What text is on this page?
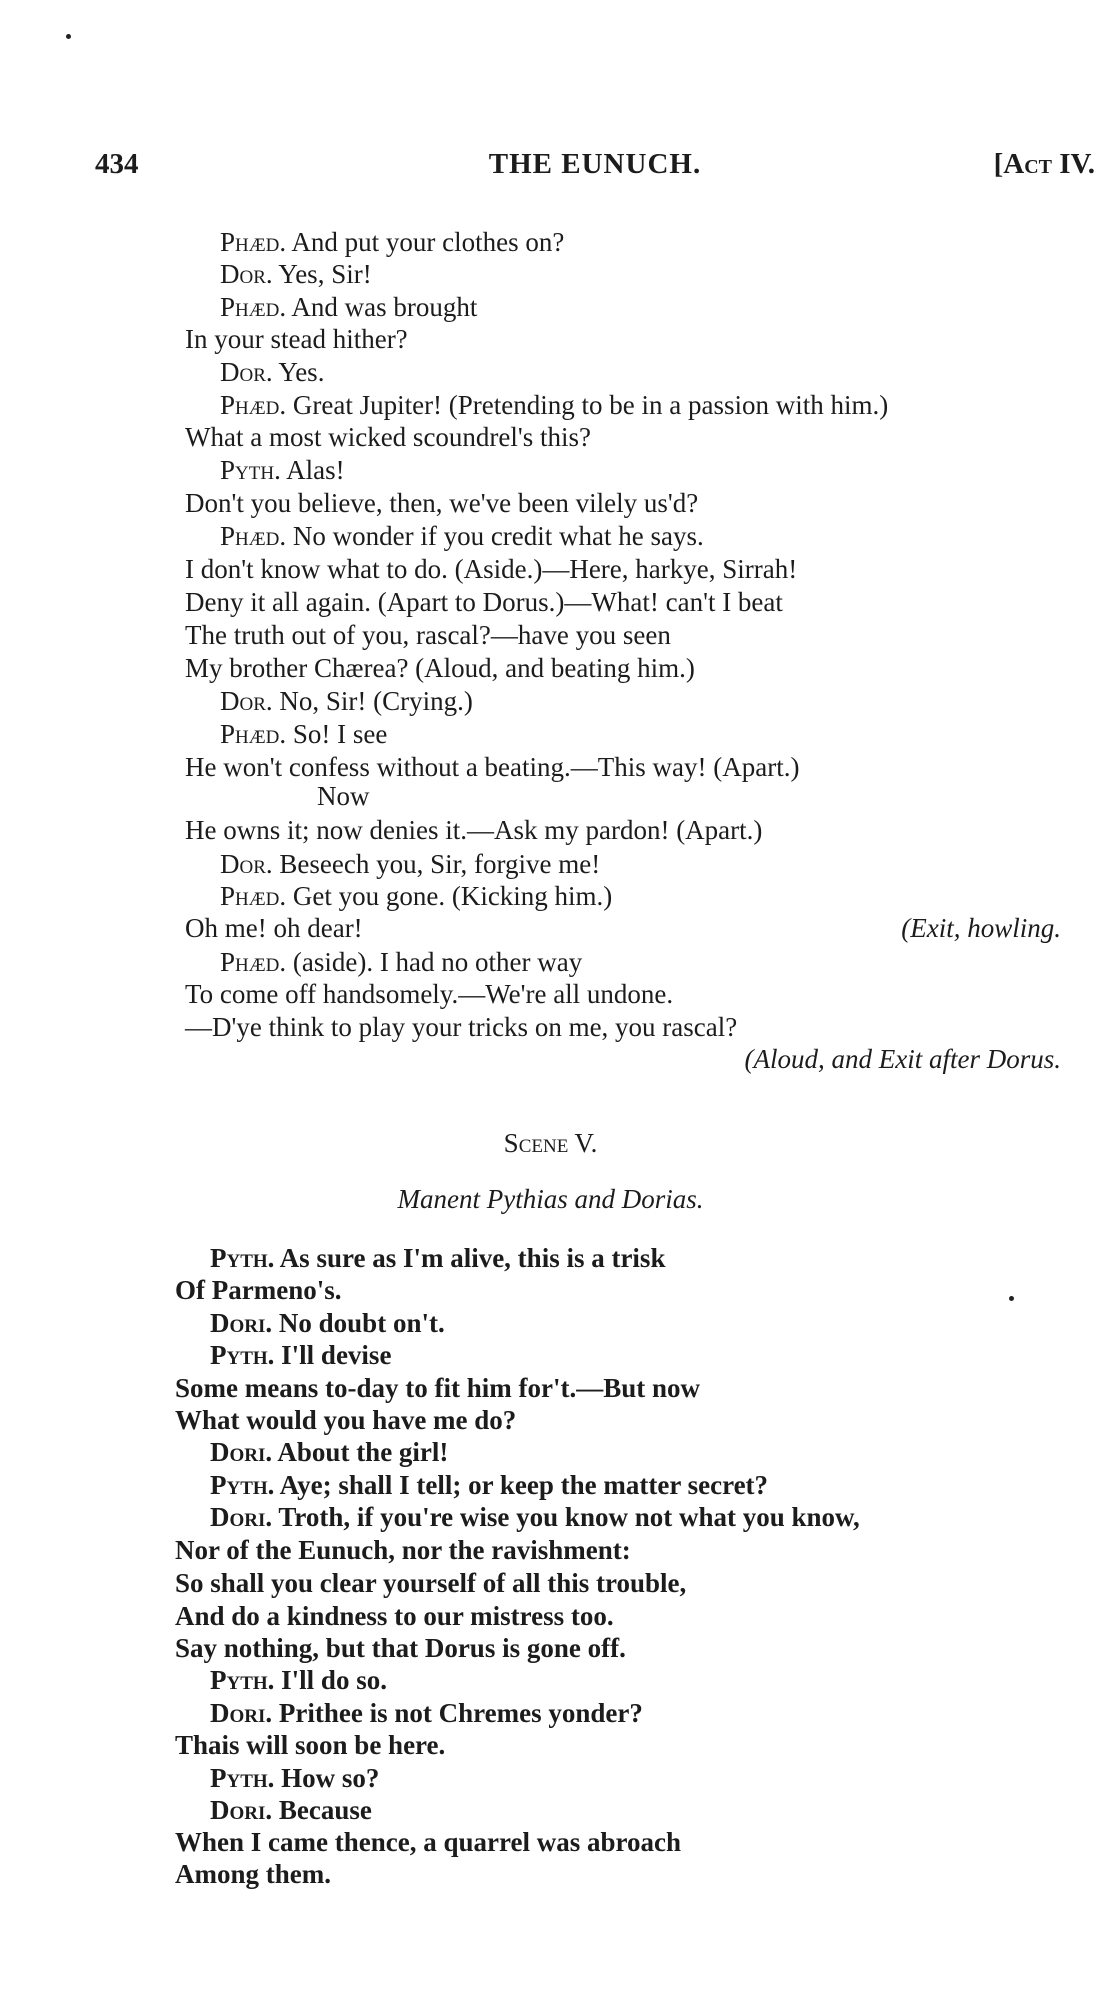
434	THE EUNUCH.	[Act IV.
Phæd. And put your clothes on?
Dor. Yes, Sir!
Phæd. And was brought
In your stead hither?
Dor. Yes.
Phæd. Great Jupiter! (Pretending to be in a passion with him.)
What a most wicked scoundrel's this?
Pyth. Alas!
Don't you believe, then, we've been vilely us'd?
Phæd. No wonder if you credit what he says.
I don't know what to do. (Aside.)—Here, harkye, Sirrah!
Deny it all again. (Apart to Dorus.)—What! can't I beat
The truth out of you, rascal?—have you seen
My brother Chærea? (Aloud, and beating him.)
Dor. No, Sir! (Crying.)
Phæd. So! I see
He won't confess without a beating.—This way! (Apart.)
Now
He owns it; now denies it.—Ask my pardon! (Apart.)
Dor. Beseech you, Sir, forgive me!
Phæd. Get you gone. (Kicking him.)
Oh me! oh dear!	(Exit, howling.
Phæd. (aside). I had no other way
To come off handsomely.—We're all undone.
—D'ye think to play your tricks on me, you rascal?
(Aloud, and Exit after Dorus.
Scene V.
Manent Pythias and Dorias.
Pyth. As sure as I'm alive, this is a trisk
Of Parmeno's.
Dori. No doubt on't.
Pyth. I'll devise
Some means to-day to fit him for't.—But now
What would you have me do?
Dori. About the girl!
Pyth. Aye; shall I tell; or keep the matter secret?
Dori. Troth, if you're wise you know not what you know,
Nor of the Eunuch, nor the ravishment:
So shall you clear yourself of all this trouble,
And do a kindness to our mistress too.
Say nothing, but that Dorus is gone off.
Pyth. I'll do so.
Dori. Prithee is not Chremes yonder?
Thais will soon be here.
Pyth. How so?
Dori. Because
When I came thence, a quarrel was abroach
Among them.
